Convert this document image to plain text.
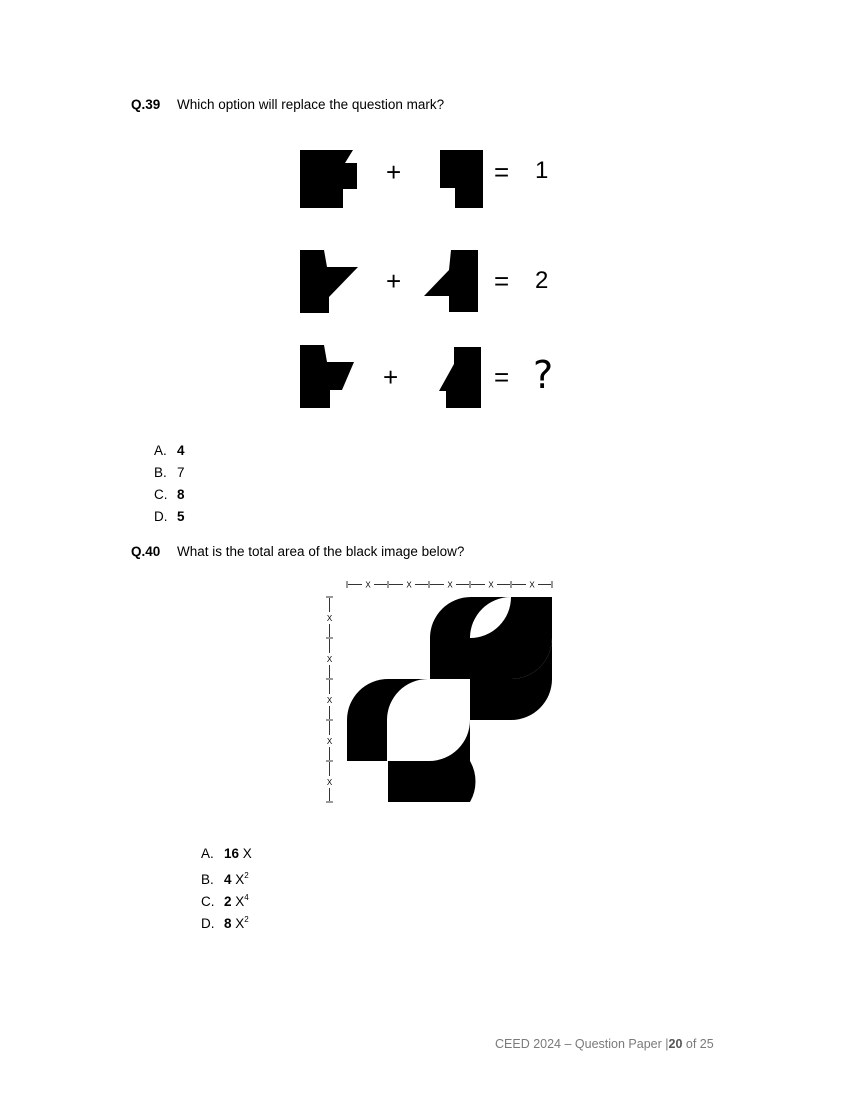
Q.39 Which option will replace the question mark?
+	= 1
+	= 2
+	= ?
A. 4
B. 7
C. 8
D. 5
Q.40 What is the total area of the black image below?
X	X	X	X	X
X
X
X
X
X
A. 16 X
B. 4 $X^2$
C. 2 $X^4$
D. 8 $X^2$
CEED 2024 – Question Paper |20 of 25
